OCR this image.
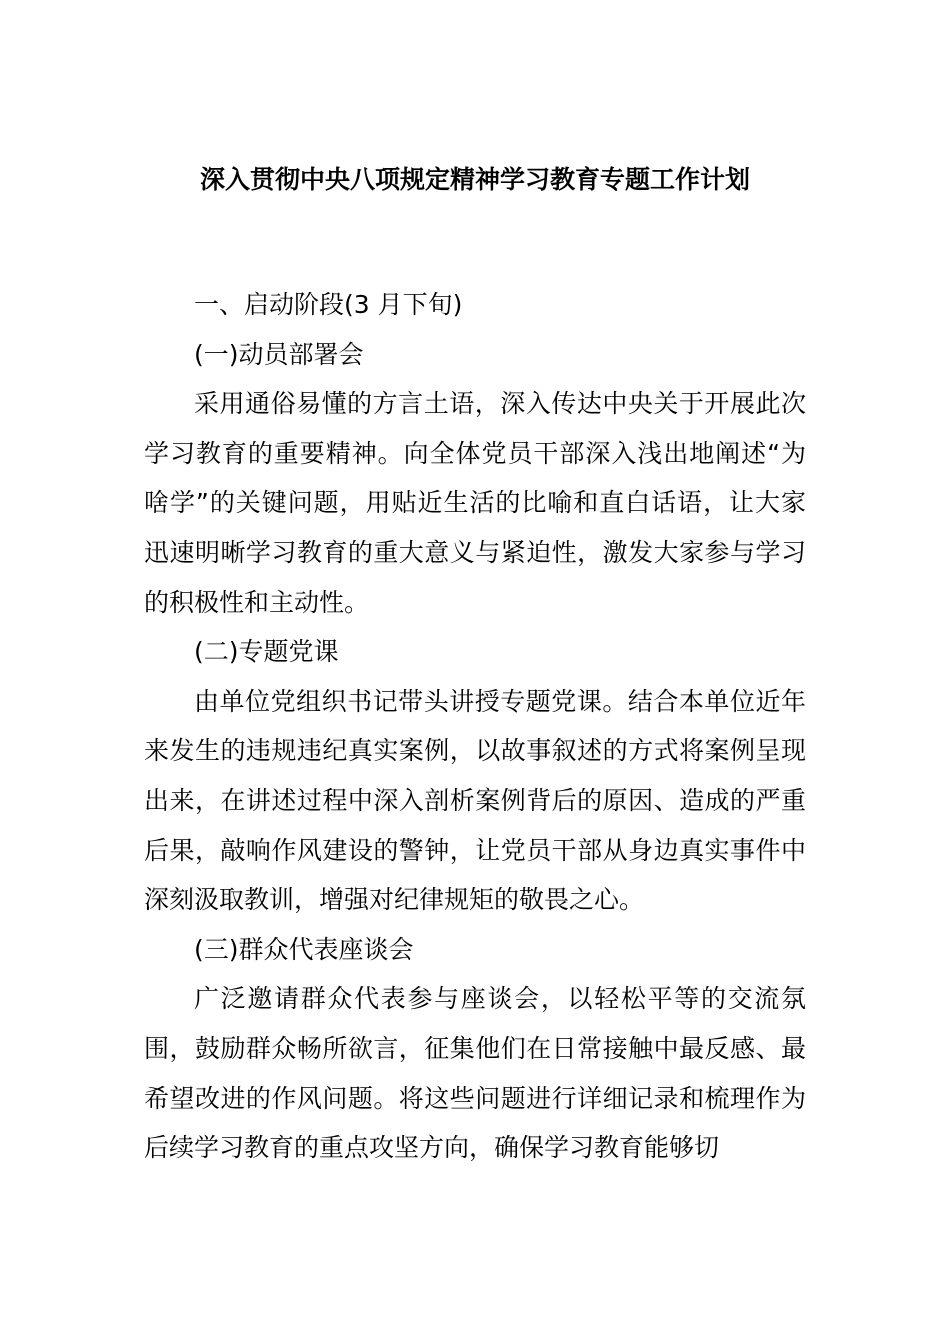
深入贯彻中央八项规定精神学习教育专题工作计划

一、启动阶段(3 月下旬)

(一)动员部署会

采用通俗易懂的方言土语，深入传达中央关于开展此次学习教育的重要精神。向全体党员干部深入浅出地阐述“为啥学”的关键问题，用贴近生活的比喻和直白话语，让大家迅速明晰学习教育的重大意义与紧迫性，激发大家参与学习的积极性和主动性。

(二)专题党课

由单位党组织书记带头讲授专题党课。结合本单位近年来发生的违规违纪真实案例，以故事叙述的方式将案例呈现出来，在讲述过程中深入剖析案例背后的原因、造成的严重后果，敲响作风建设的警钟，让党员干部从身边真实事件中深刻汲取教训，增强对纪律规矩的敬畏之心。

(三)群众代表座谈会

广泛邀请群众代表参与座谈会，以轻松平等的交流氛围，鼓励群众畅所欲言，征集他们在日常接触中最反感、最希望改进的作风问题。将这些问题进行详细记录和梳理作为后续学习教育的重点攻坚方向，确保学习教育能够切
